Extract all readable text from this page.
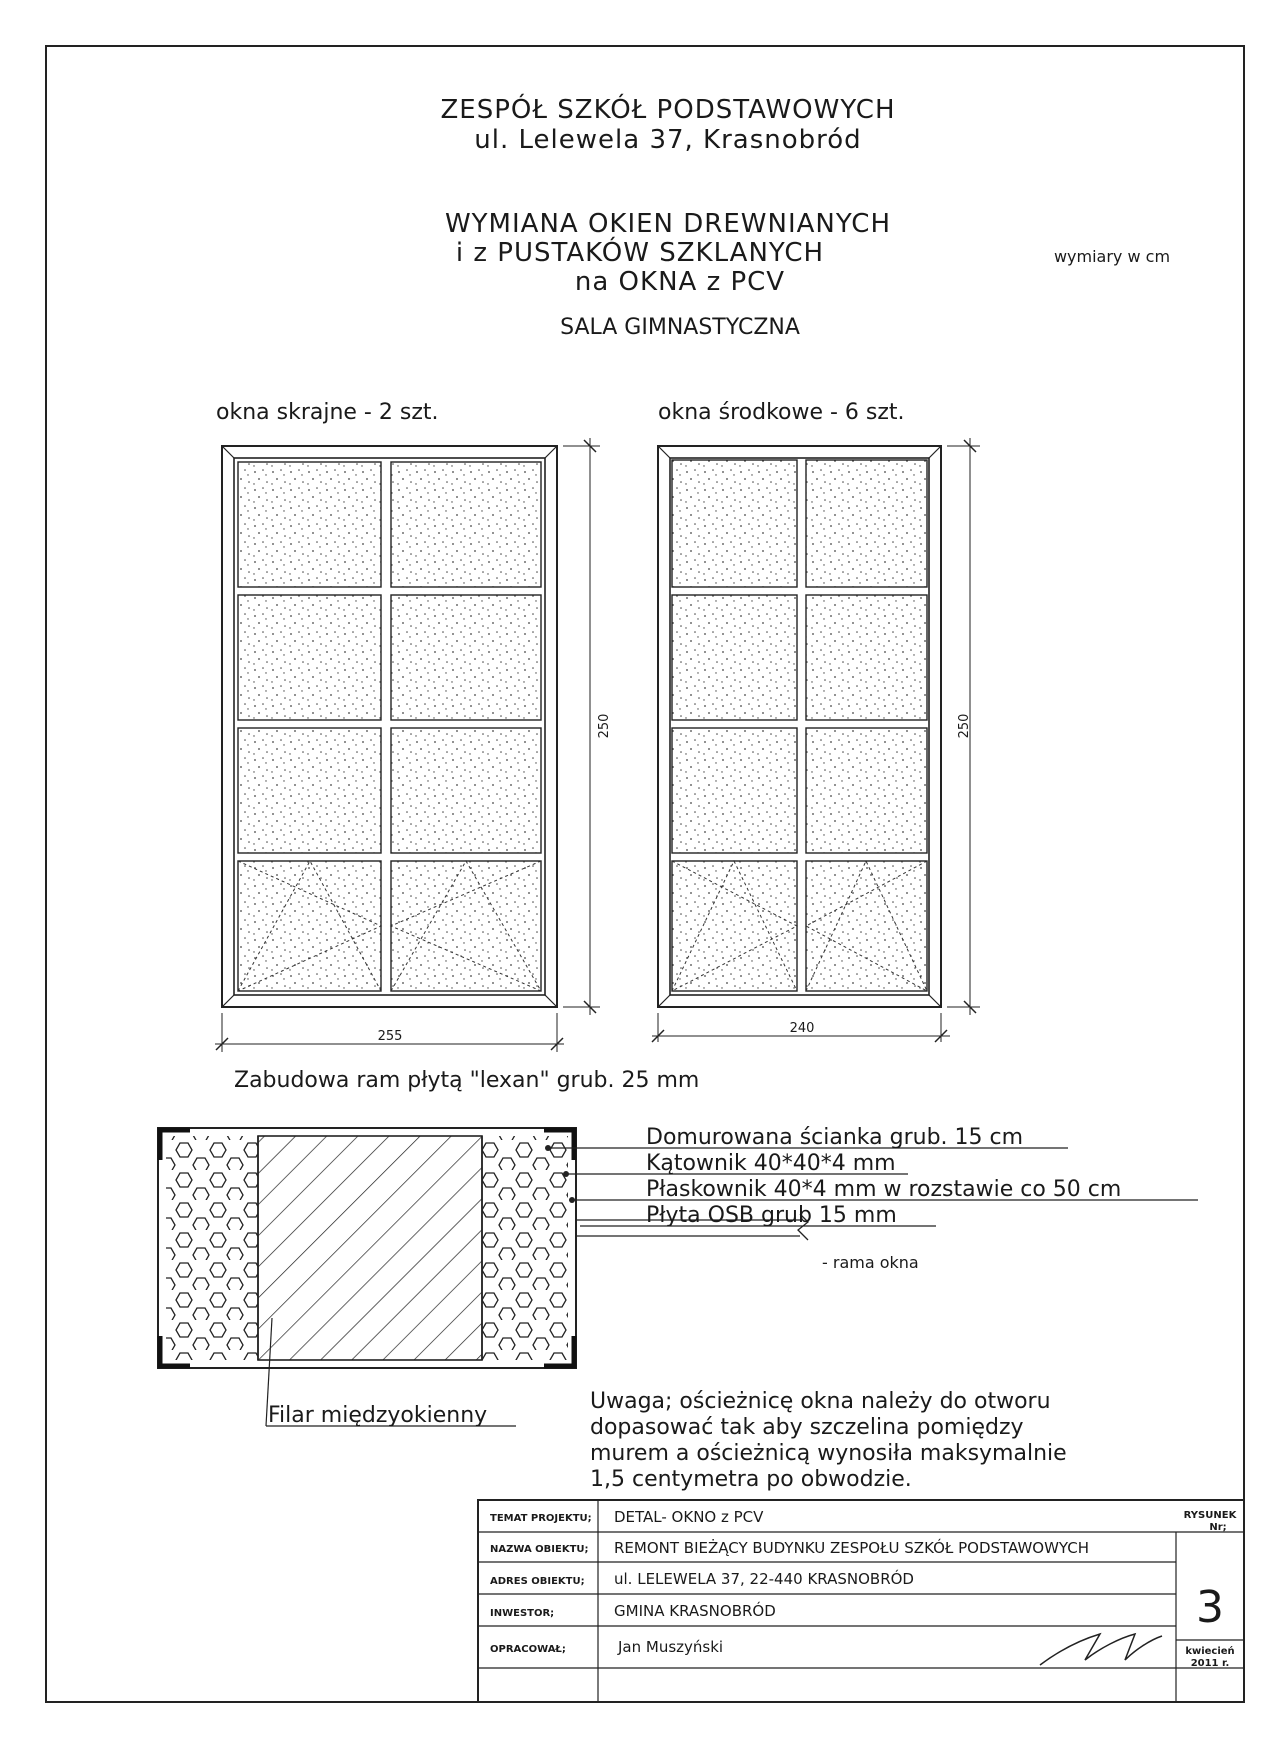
ZESPÓŁ SZKÓŁ PODSTAWOWYCH
ul. Lelewela 37, Krasnobród
WYMIANA OKIEN DREWNIANYCH
i z PUSTAKÓW SZKLANYCH
na OKNA z PCV
SALA GIMNASTYCZNA
wymiary w cm
okna skrajne - 2 szt.	okna środkowe - 6 szt.
255
250
240
250
Zabudowa ram płytą "lexan" grub. 25 mm
Domurowana ścianka grub. 15 cm
Kątownik 40*40*4 mm
Płaskownik 40*4 mm w rozstawie co 50 cm
Płyta OSB grub 15 mm
- rama okna
Filar międzyokienny
Uwaga; ościeżnicę okna należy do otworu
dopasować tak aby szczelina pomiędzy
murem a ościeżnicą wynosiła maksymalnie
1,5 centymetra po obwodzie.
TEMAT PROJEKTU; DETAL- OKNO z PCV
NAZWA OBIEKTU; REMONT BIEŻĄCY BUDYNKU ZESPOŁU SZKÓŁ PODSTAWOWYCH
ADRES OBIEKTU; ul. LELEWELA 37, 22-440 KRASNOBRÓD
INWESTOR;	GMINA KRASNOBRÓD
OPRACOWAŁ;	Jan Muszyński
RYSUNEK
Nr;
3
kwiecień
2011 r.
